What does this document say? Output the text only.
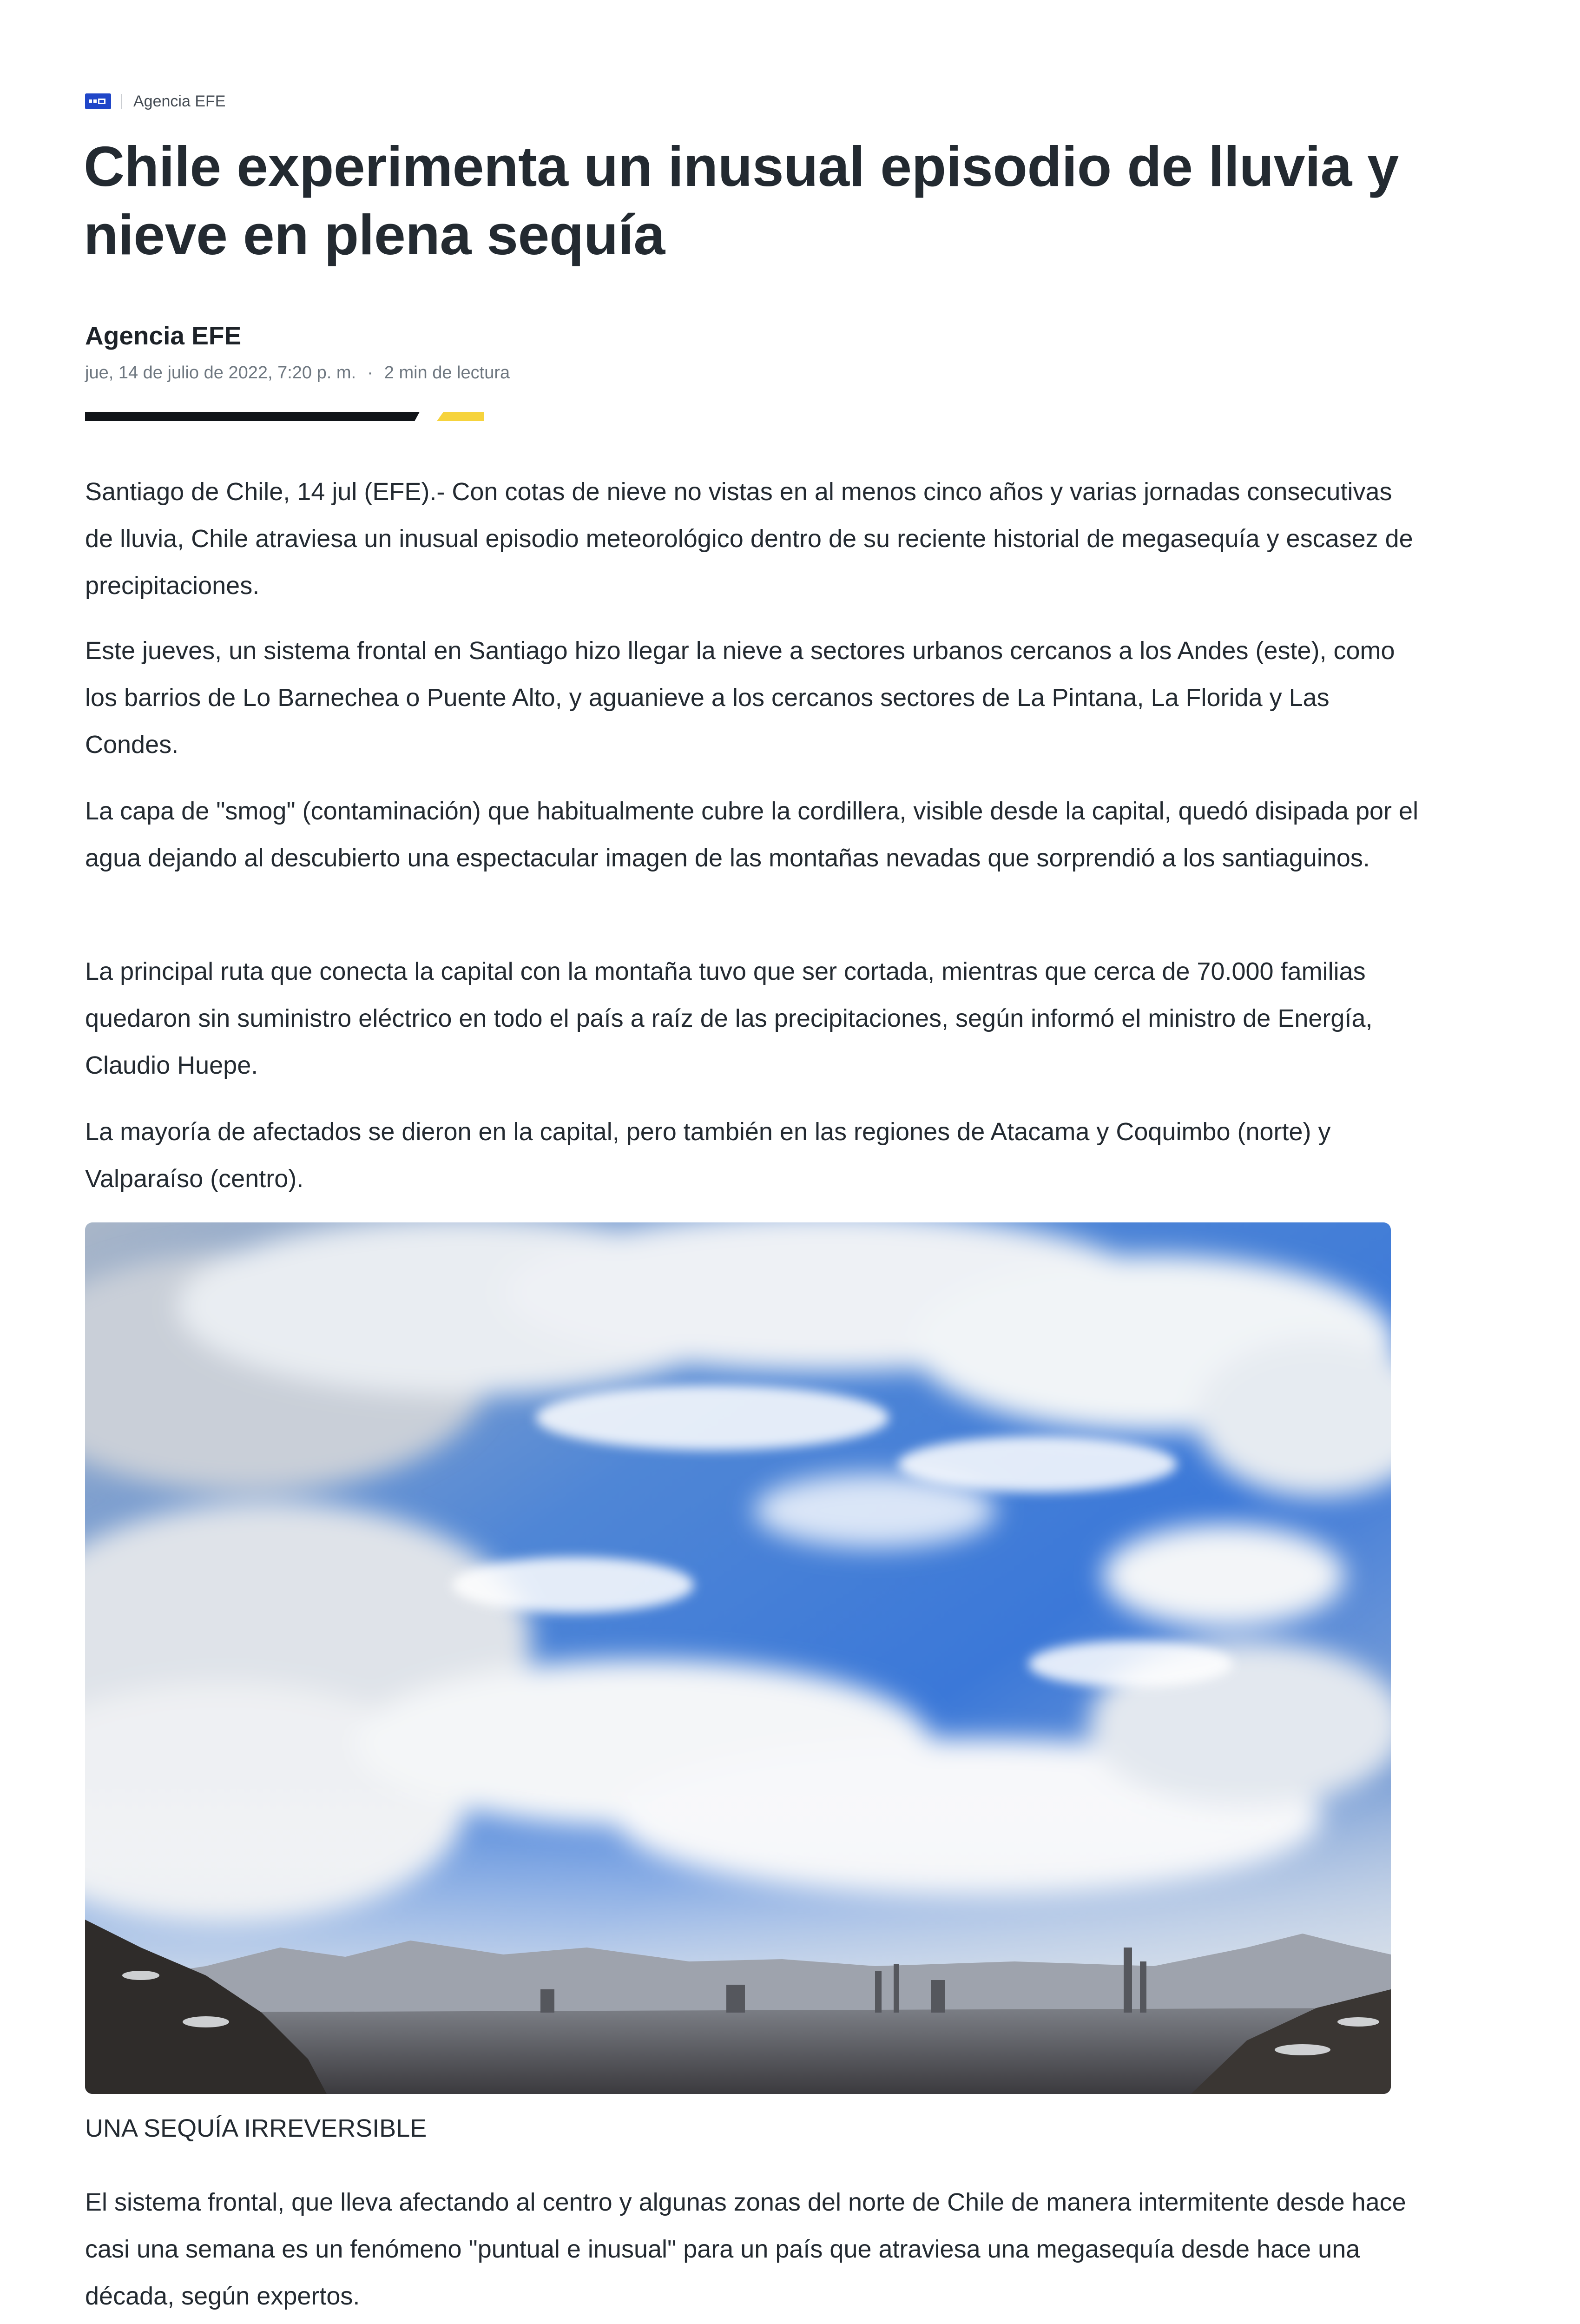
Agencia EFE
Chile experimenta un inusual episodio de lluvia y nieve en plena sequía
Agencia EFE
jue, 14 de julio de 2022, 7:20 p. m. · 2 min de lectura

Santiago de Chile, 14 jul (EFE).- Con cotas de nieve no vistas en al menos cinco años y varias jornadas consecutivas de lluvia, Chile atraviesa un inusual episodio meteorológico dentro de su reciente historial de megasequía y escasez de precipitaciones.

Este jueves, un sistema frontal en Santiago hizo llegar la nieve a sectores urbanos cercanos a los Andes (este), como los barrios de Lo Barnechea o Puente Alto, y aguanieve a los cercanos sectores de La Pintana, La Florida y Las Condes.

La capa de "smog" (contaminación) que habitualmente cubre la cordillera, visible desde la capital, quedó disipada por el agua dejando al descubierto una espectacular imagen de las montañas nevadas que sorprendió a los santiaguinos.

La principal ruta que conecta la capital con la montaña tuvo que ser cortada, mientras que cerca de 70.000 familias quedaron sin suministro eléctrico en todo el país a raíz de las precipitaciones, según informó el ministro de Energía, Claudio Huepe.

La mayoría de afectados se dieron en la capital, pero también en las regiones de Atacama y Coquimbo (norte) y Valparaíso (centro).

UNA SEQUÍA IRREVERSIBLE

El sistema frontal, que lleva afectando al centro y algunas zonas del norte de Chile de manera intermitente desde hace casi una semana es un fenómeno "puntual e inusual" para un país que atraviesa una megasequía desde hace una década, según expertos.
